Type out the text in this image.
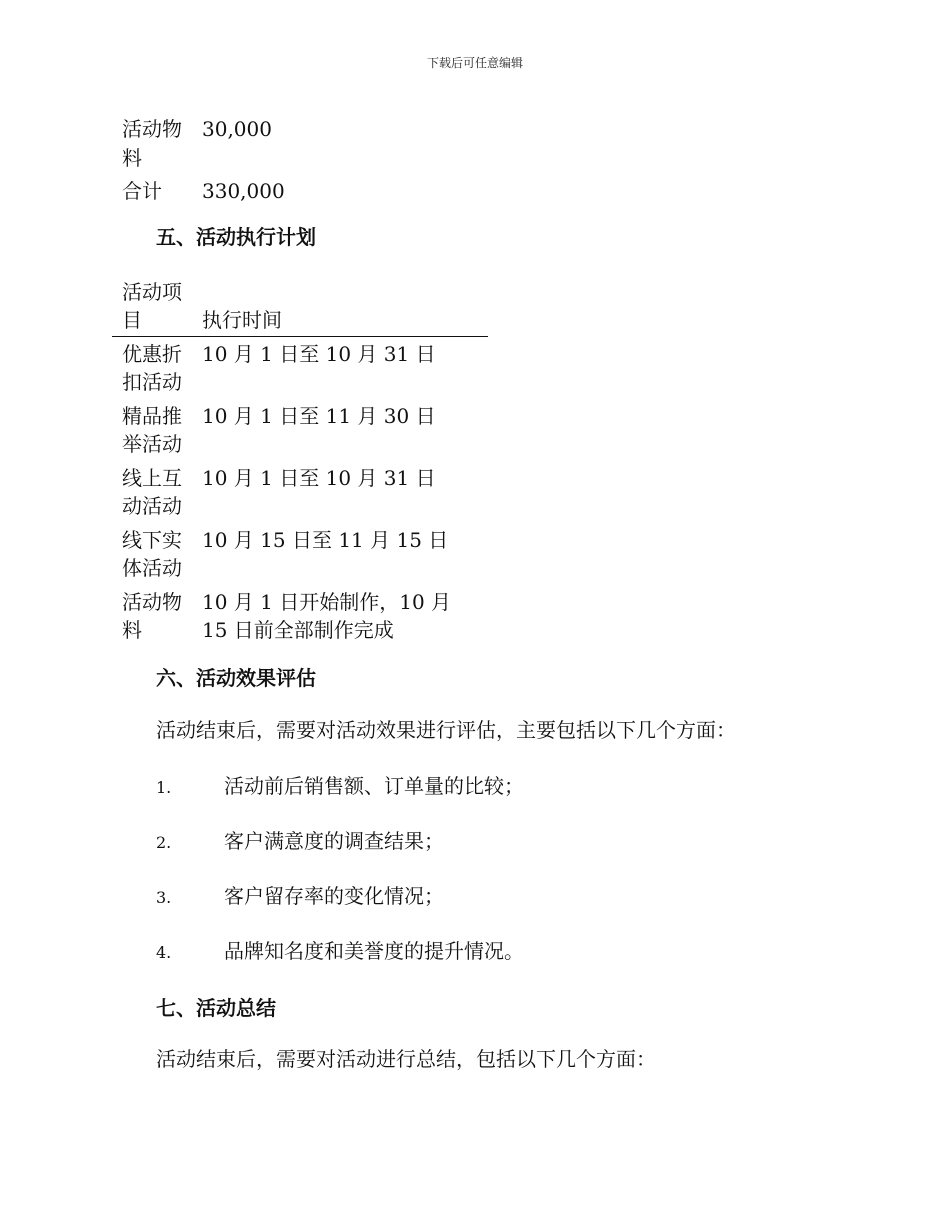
下载后可任意编辑
活动物料	30,000
合计	330,000
五、活动执行计划
活动项目	执行时间
优惠折扣活动	10 月 1 日至 10 月 31 日
精品推举活动	10 月 1 日至 11 月 30 日
线上互动活动	10 月 1 日至 10 月 31 日
线下实体活动	10 月 15 日至 11 月 15 日
活动物料	10 月 1 日开始制作，10 月 15 日前全部制作完成
六、活动效果评估
活动结束后，需要对活动效果进行评估，主要包括以下几个方面：
1.	活动前后销售额、订单量的比较；
2.	客户满意度的调查结果；
3.	客户留存率的变化情况；
4.	品牌知名度和美誉度的提升情况。
七、活动总结
活动结束后，需要对活动进行总结，包括以下几个方面：
